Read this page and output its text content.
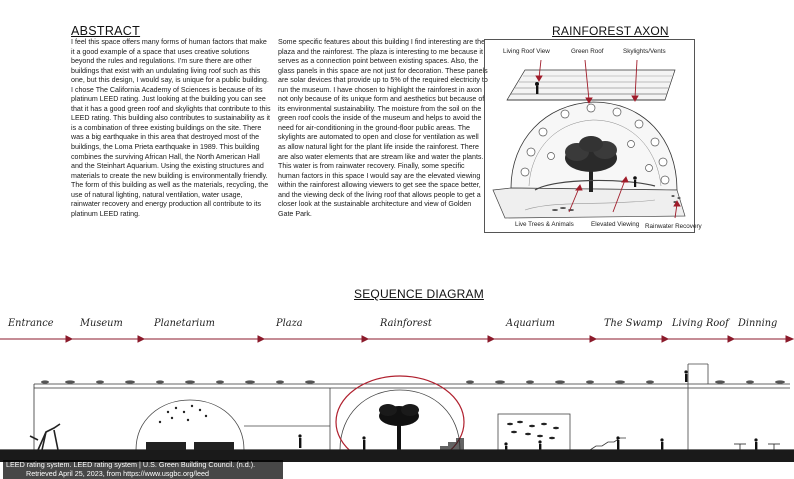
ABSTRACT
I feel this space offers many forms of human factors that make it a good example of a space that uses creative solutions beyond the rules and regulations. I’m sure there are other buildings that exist with an undulating living roof such as this one, but this design, I would say, is unique for a public building. I chose The California Academy of Sciences is because of its platinum LEED rating. Just looking at the building you can see that it has a good green roof and skylights that contribute to this LEED rating. This building also contributes to sustainability as it is a combination of three existing buildings on the site. There was a big earthquake in this area that destroyed most of the buildings, the Loma Prieta earthquake in 1989. This building combines the surviving African Hall, the North American Hall and the Steinhart Aquarium. Using the existing structures and materials to create the new building is environmentally friendly. The form of this building as well as the materials, recycling, the use of natural lighting, natural ventilation, water usage, rainwater recovery and energy production all contribute to its platinum LEED rating.
Some specific features about this building I find interesting are the plaza and the rainforest. The plaza is interesting to me because it serves as a connection point between existing spaces. Also, the glass panels in this space are not just for decoration. These panels are solar devices that provide up to 5% of the required electricity to run the museum. I have chosen to highlight the rainforest in axon not only because of its unique form and aesthetics but because of its environmental sustainability. The moisture from the soil on the green roof cools the inside of the museum and helps to avoid the need for air-conditioning in the ground-floor public areas. The skylights are automated to open and close for ventilation as well as allow natural light for the plant life inside the rainforest. There are also water elements that are stream like and water the plants. This water is from rainwater recovery. Finally, some specific human factors in this space I would say are the elevated viewing within the rainforest allowing viewers to get see the space better, and the viewing deck of the living roof that allows people to get a closer look at the sustainable architecture and view of Golden Gate Park.
RAINFOREST AXON
Living Roof View	Green Roof	Skylights/Vents
Live Trees & Animals	Elevated Viewing Rainwater Recovery
SEQUENCE DIAGRAM
Entrance	Museum	Planetarium	Plaza	Rainforest	Aquarium	The Swamp Living Roof Dinning
LEED rating system. LEED rating system | U.S. Green Building Council. (n.d.).
Retrieved April 25, 2023, from https://www.usgbc.org/leed
